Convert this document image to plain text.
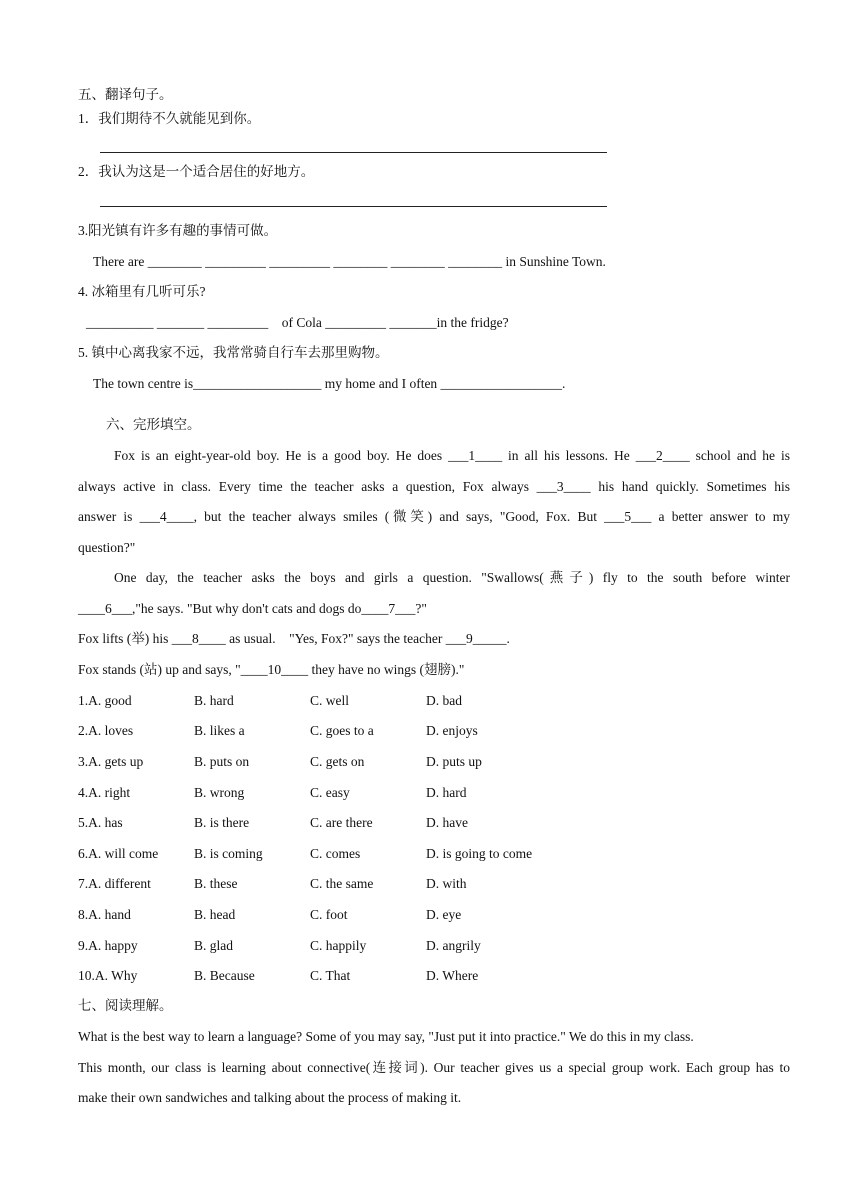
五、翻译句子。
1．我们期待不久就能见到你。
2．我认为这是一个适合居住的好地方。
3.阳光镇有许多有趣的事情可做。
There are ________ _________ _________ ________ ________ ________ in Sunshine Town.
4. 冰箱里有几听可乐?
__________ _______ _________    of Cola _________ _______in the fridge?
5. 镇中心离我家不远，我常常骑自行车去那里购物。
The town centre is___________________ my home and I often __________________.
六、完形填空。
Fox is an eight-year-old boy. He is a good boy. He does ___1____ in all his lessons. He ___2____ school and he is
always active in class. Every time the teacher asks a question, Fox always ___3____ his hand quickly. Sometimes his
answer is ___4____, but the teacher always smiles (微笑) and says, "Good, Fox. But ___5___ a better answer to my
question?"
One day, the teacher asks the boys and girls a question. "Swallows(燕子) fly to the south before winter
____6___,"he says. "But why don't cats and dogs do____7___?"
Fox lifts (举) his ___8____ as usual.    "Yes, Fox?" says the teacher ___9_____.
Fox stands (站) up and says, "____10____ they have no wings (翅膀)."
1.A. good	B. hard	C. well	D. bad
2.A. loves	B. likes a	C. goes to a	D. enjoys
3.A. gets up	B. puts on	C. gets on	D. puts up
4.A. right	B. wrong	C. easy	D. hard
5.A. has	B. is there	C. are there	D. have
6.A. will come	B. is coming	C. comes	D. is going to come
7.A. different	B. these	C. the same	D. with
8.A. hand	B. head	C. foot	D. eye
9.A. happy	B. glad	C. happily	D. angrily
10.A. Why	B. Because	C. That	D. Where
七、阅读理解。
What is the best way to learn a language? Some of you may say, "Just put it into practice." We do this in my class.
This month, our class is learning about connective(连接词). Our teacher gives us a special group work. Each group has to
make their own sandwiches and talking about the process of making it.
